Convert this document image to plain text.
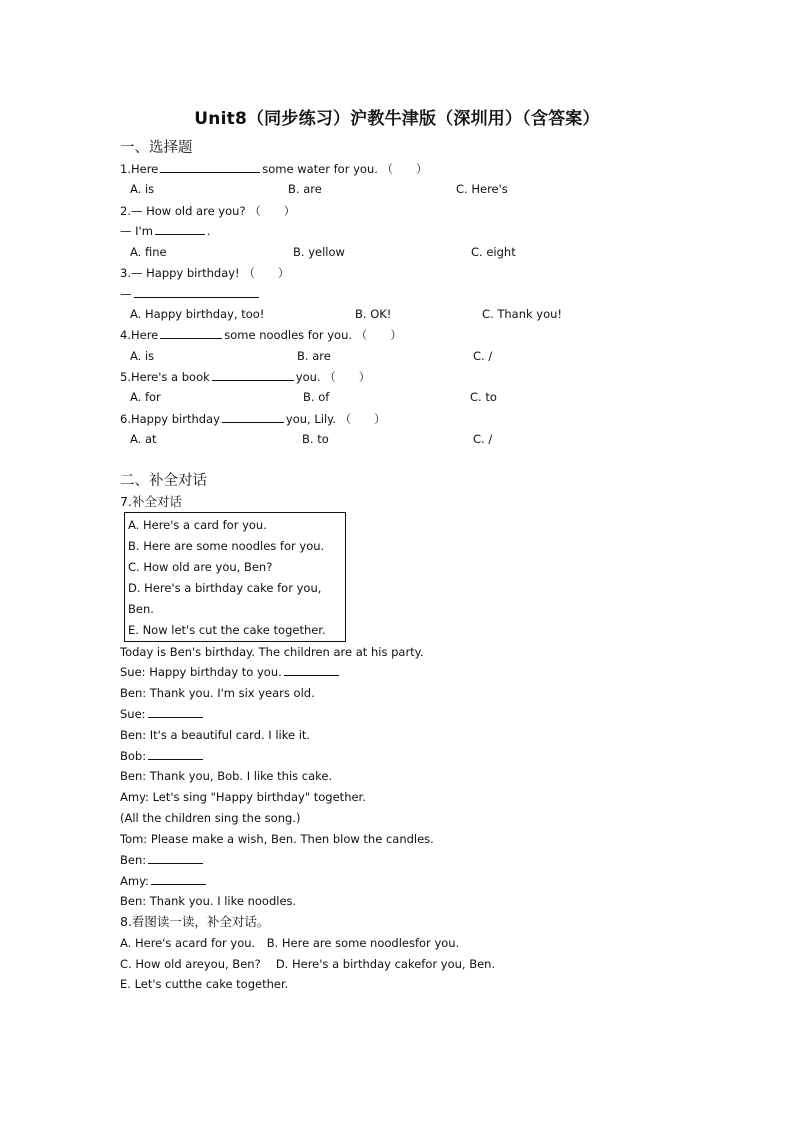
Unit8（同步练习）沪教牛津版（深圳用）（含答案）
一、选择题
1.Here	some water for you. （　　）
A. is	B. are	C. Here's
2.— How old are you? （　　）
— I'm	.
A. fine	B. yellow	C. eight
3.— Happy birthday! （　　）
—
A. Happy birthday, too!	B. OK!	C. Thank you!
4.Here	some noodles for you. （　　）
A. is	B. are	C. /
5.Here's a book	you. （　　）
A. for	B. of	C. to
6.Happy birthday	you, Lily. （　　）
A. at	B. to	C. /
二、补全对话
7.补全对话
A. Here's a card for you.
B. Here are some noodles for you.
C. How old are you, Ben?
D. Here's a birthday cake for you,
Ben.
E. Now let's cut the cake together.
Today is Ben's birthday. The children are at his party.
Sue: Happy birthday to you.
Ben: Thank you. I'm six years old.
Sue:
Ben: It's a beautiful card. I like it.
Bob:
Ben: Thank you, Bob. I like this cake.
Amy: Let's sing "Happy birthday" together.
(All the children sing the song.)
Tom: Please make a wish, Ben. Then blow the candles.
Ben:
Amy:
Ben: Thank you. I like noodles.
8.看图读一读，补全对话。
A. Here's acard for you.　B. Here are some noodlesfor you.
C. How old areyou, Ben?　 D. Here's a birthday cakefor you, Ben.
E. Let's cutthe cake together.
